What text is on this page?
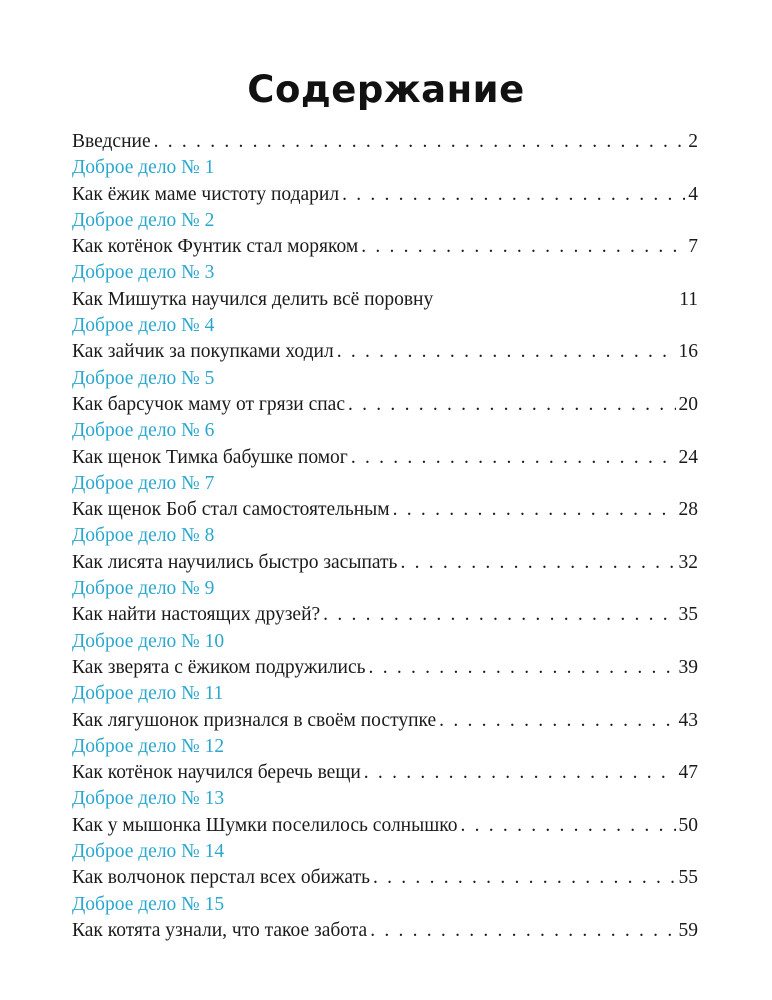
Содержание
Введсние . . .	2
Доброе дело № 1
Как ёжик маме чистоту подарил . . .	4
Доброе дело № 2
Как котёнок Фунтик стал моряком . . .	7
Доброе дело № 3
Как Мишутка научился делить всё поровну	11
Доброе дело № 4
Как зайчик за покупками ходил . . .	16
Доброе дело № 5
Как барсучок маму от грязи спас . . .	20
Доброе дело № 6
Как щенок Тимка бабушке помог . . .	24
Доброе дело № 7
Как щенок Боб стал самостоятельным . . .	28
Доброе дело № 8
Как лисята научились быстро засыпать . . .	32
Доброе дело № 9
Как найти настоящих друзей? . . .	35
Доброе дело № 10
Как зверята с ёжиком подружились . . .	39
Доброе дело № 11
Как лягушонок признался в своём поступке . . .	43
Доброе дело № 12
Как котёнок научился беречь вещи . . .	47
Доброе дело № 13
Как у мышонка Шумки поселилось солнышко . . .	50
Доброе дело № 14
Как волчонок перстал всех обижать . . .	55
Доброе дело № 15
Как котята узнали, что такое забота . . .	59
